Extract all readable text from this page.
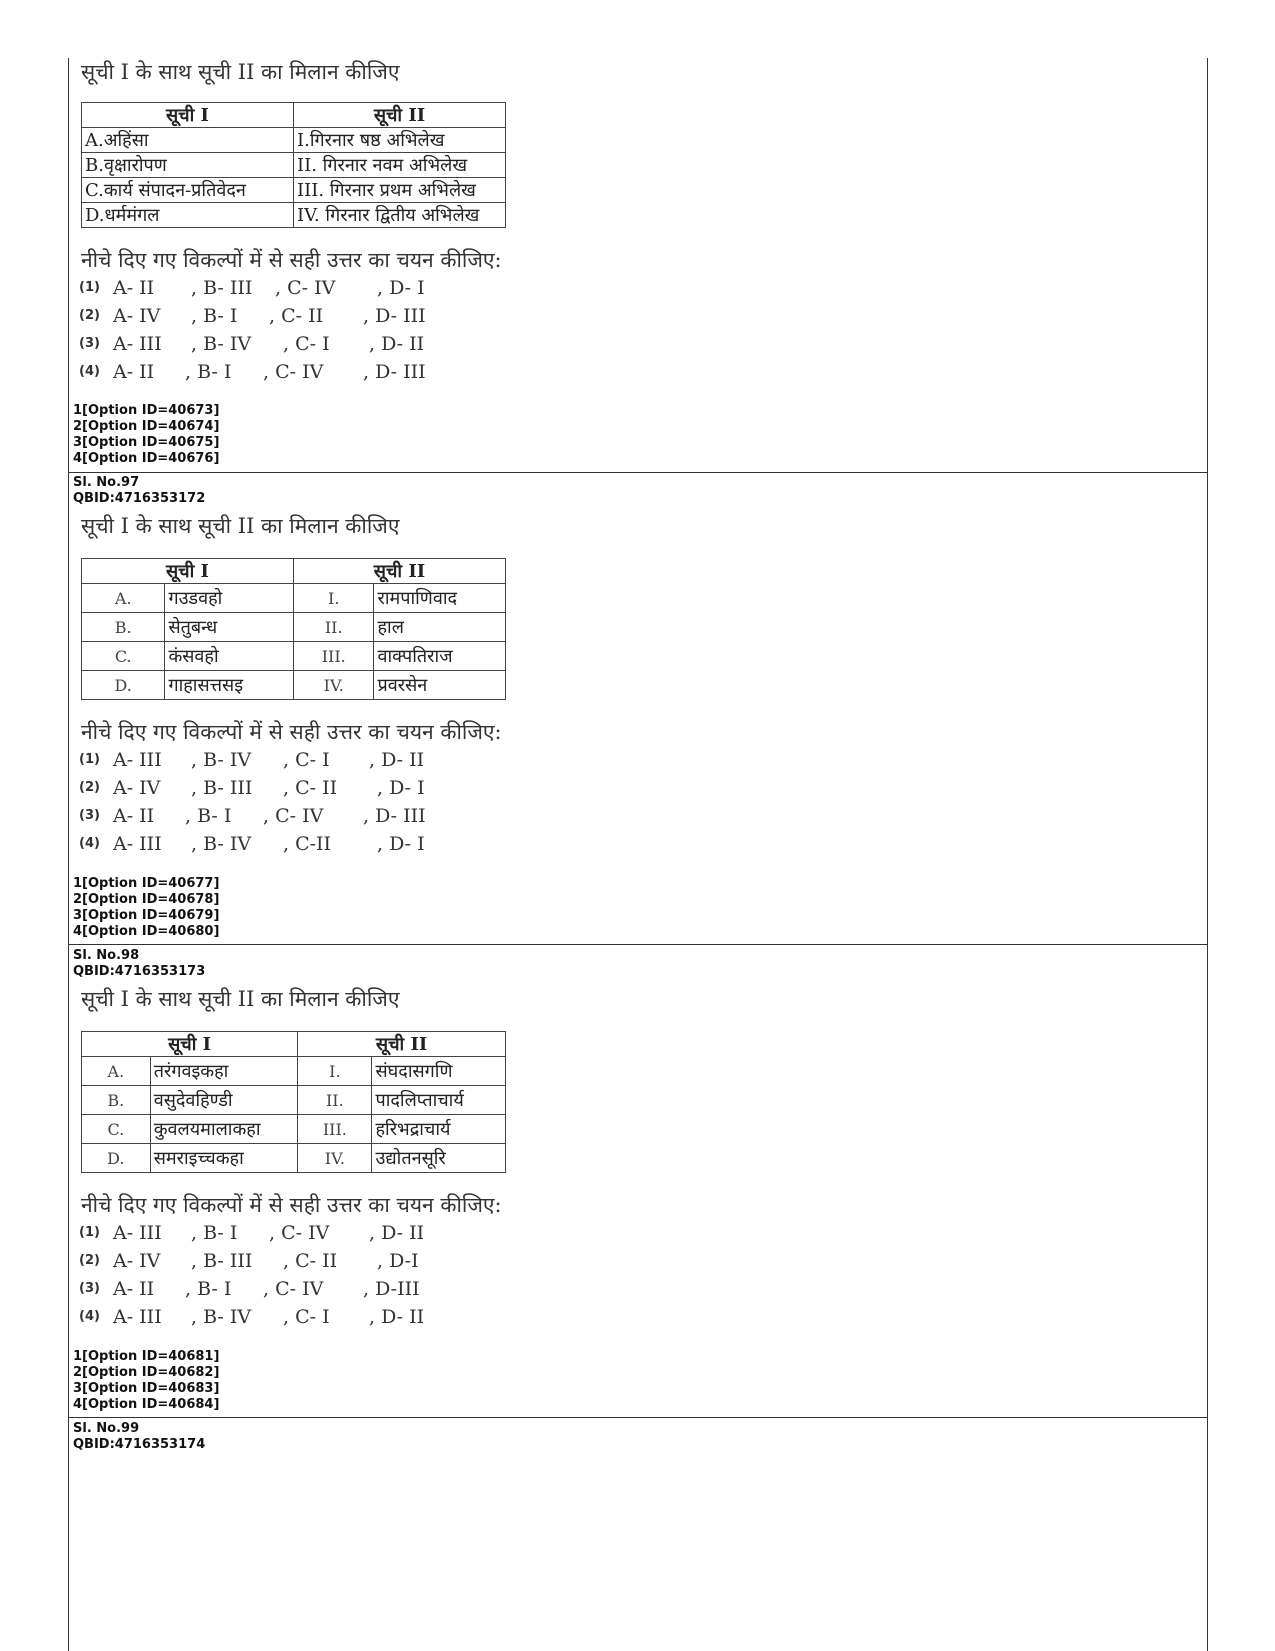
सूची I के साथ सूची II का मिलान कीजिए
सूची I	सूची II
A.अहिंसा	I.गिरनार षष्ठ अभिलेख
B.वृक्षारोपण	II. गिरनार नवम अभिलेख
C.कार्य संपादन-प्रतिवेदन	III. गिरनार प्रथम अभिलेख
D.धर्ममंगल	IV. गिरनार द्वितीय अभिलेख
नीचे दिए गए विकल्पों में से सही उत्तर का चयन कीजिए:
(1) A- II , B- III , C- IV , D- I
(2) A- IV , B- I , C- II , D- III
(3) A- III , B- IV , C- I , D- II
(4) A- II , B- I , C- IV , D- III
1[Option ID=40673]
2[Option ID=40674]
3[Option ID=40675]
4[Option ID=40676]
Sl. No.97
QBID:4716353172
सूची I के साथ सूची II का मिलान कीजिए
सूची I		सूची II	
A.	गउडवहो	I.	रामपाणिवाद
B.	सेतुबन्ध	II.	हाल
C.	कंसवहो	III.	वाक्पतिराज
D.	गाहासत्तसइ	IV.	प्रवरसेन
नीचे दिए गए विकल्पों में से सही उत्तर का चयन कीजिए:
(1) A- III , B- IV , C- I , D- II
(2) A- IV , B- III , C- II , D- I
(3) A- II , B- I , C- IV , D- III
(4) A- III , B- IV , C-II , D- I
1[Option ID=40677]
2[Option ID=40678]
3[Option ID=40679]
4[Option ID=40680]
Sl. No.98
QBID:4716353173
सूची I के साथ सूची II का मिलान कीजिए
सूची I		सूची II	
A.	तरंगवइकहा	I.	संघदासगणि
B.	वसुदेवहिण्डी	II.	पादलिप्ताचार्य
C.	कुवलयमालाकहा	III.	हरिभद्राचार्य
D.	समराइच्चकहा	IV.	उद्योतनसूरि
नीचे दिए गए विकल्पों में से सही उत्तर का चयन कीजिए:
(1) A- III , B- I , C- IV , D- II
(2) A- IV , B- III , C- II , D-I
(3) A- II , B- I , C- IV , D-III
(4) A- III , B- IV , C- I , D- II
1[Option ID=40681]
2[Option ID=40682]
3[Option ID=40683]
4[Option ID=40684]
Sl. No.99
QBID:4716353174
